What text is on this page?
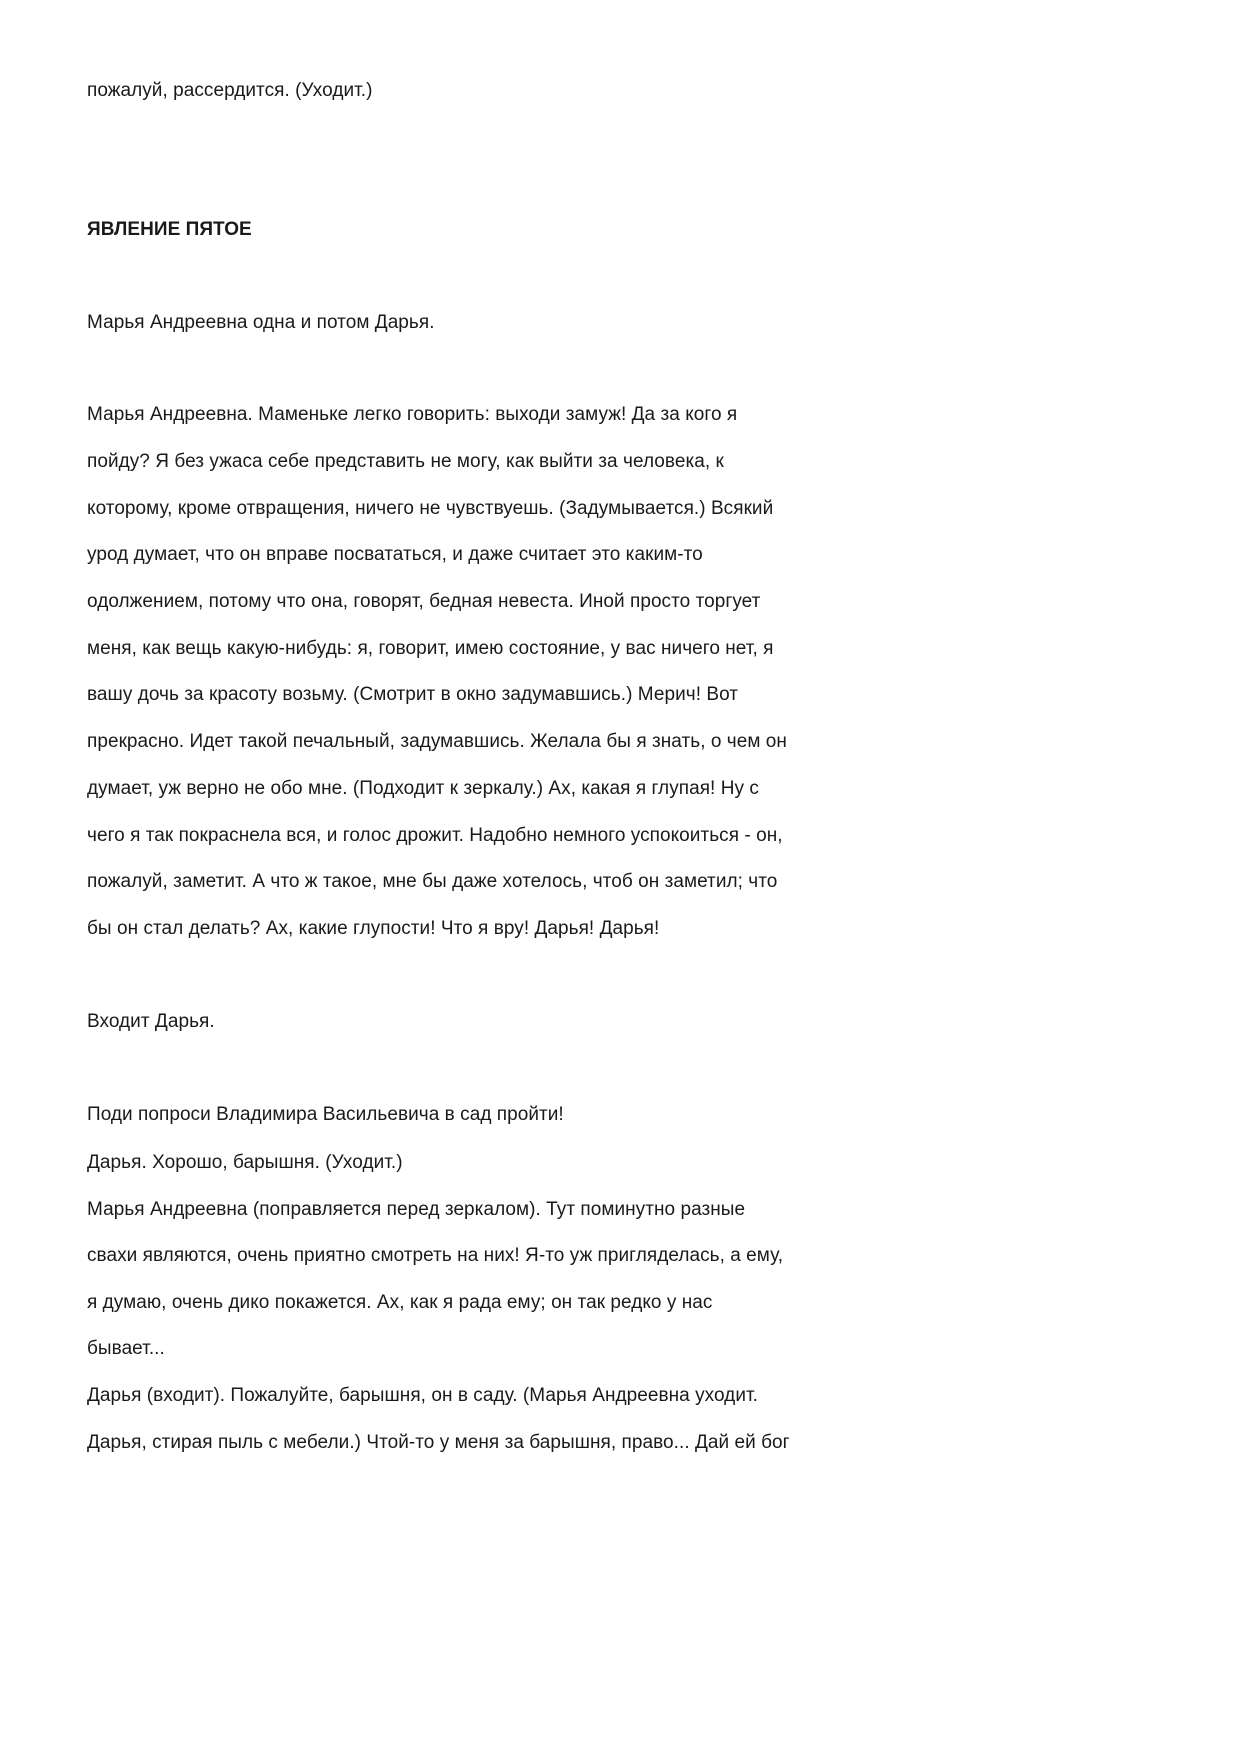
пожалуй, рассердится. (Уходит.)
ЯВЛЕНИЕ ПЯТОЕ
Марья Андреевна одна и потом Дарья.
Марья Андреевна. Маменьке легко говорить: выходи замуж! Да за кого я
пойду? Я без ужаса себе представить не могу, как выйти за человека, к
которому, кроме отвращения, ничего не чувствуешь. (Задумывается.) Всякий
урод думает, что он вправе посвататься, и даже считает это каким-то
одолжением, потому что она, говорят, бедная невеста. Иной просто торгует
меня, как вещь какую-нибудь: я, говорит, имею состояние, у вас ничего нет, я
вашу дочь за красоту возьму. (Смотрит в окно задумавшись.) Мерич! Вот
прекрасно. Идет такой печальный, задумавшись. Желала бы я знать, о чем он
думает, уж верно не обо мне. (Подходит к зеркалу.) Ах, какая я глупая! Ну с
чего я так покраснела вся, и голос дрожит. Надобно немного успокоиться - он,
пожалуй, заметит. А что ж такое, мне бы даже хотелось, чтоб он заметил; что
бы он стал делать? Ах, какие глупости! Что я вру! Дарья! Дарья!
Входит Дарья.
Поди попроси Владимира Васильевича в сад пройти!
Дарья. Хорошо, барышня. (Уходит.)
Марья Андреевна (поправляется перед зеркалом). Тут поминутно разные
свахи являются, очень приятно смотреть на них! Я-то уж пригляделась, а ему,
я думаю, очень дико покажется. Ах, как я рада ему; он так редко у нас
бывает...
Дарья (входит). Пожалуйте, барышня, он в саду. (Марья Андреевна уходит.
Дарья, стирая пыль с мебели.) Чтой-то у меня за барышня, право... Дай ей бог
